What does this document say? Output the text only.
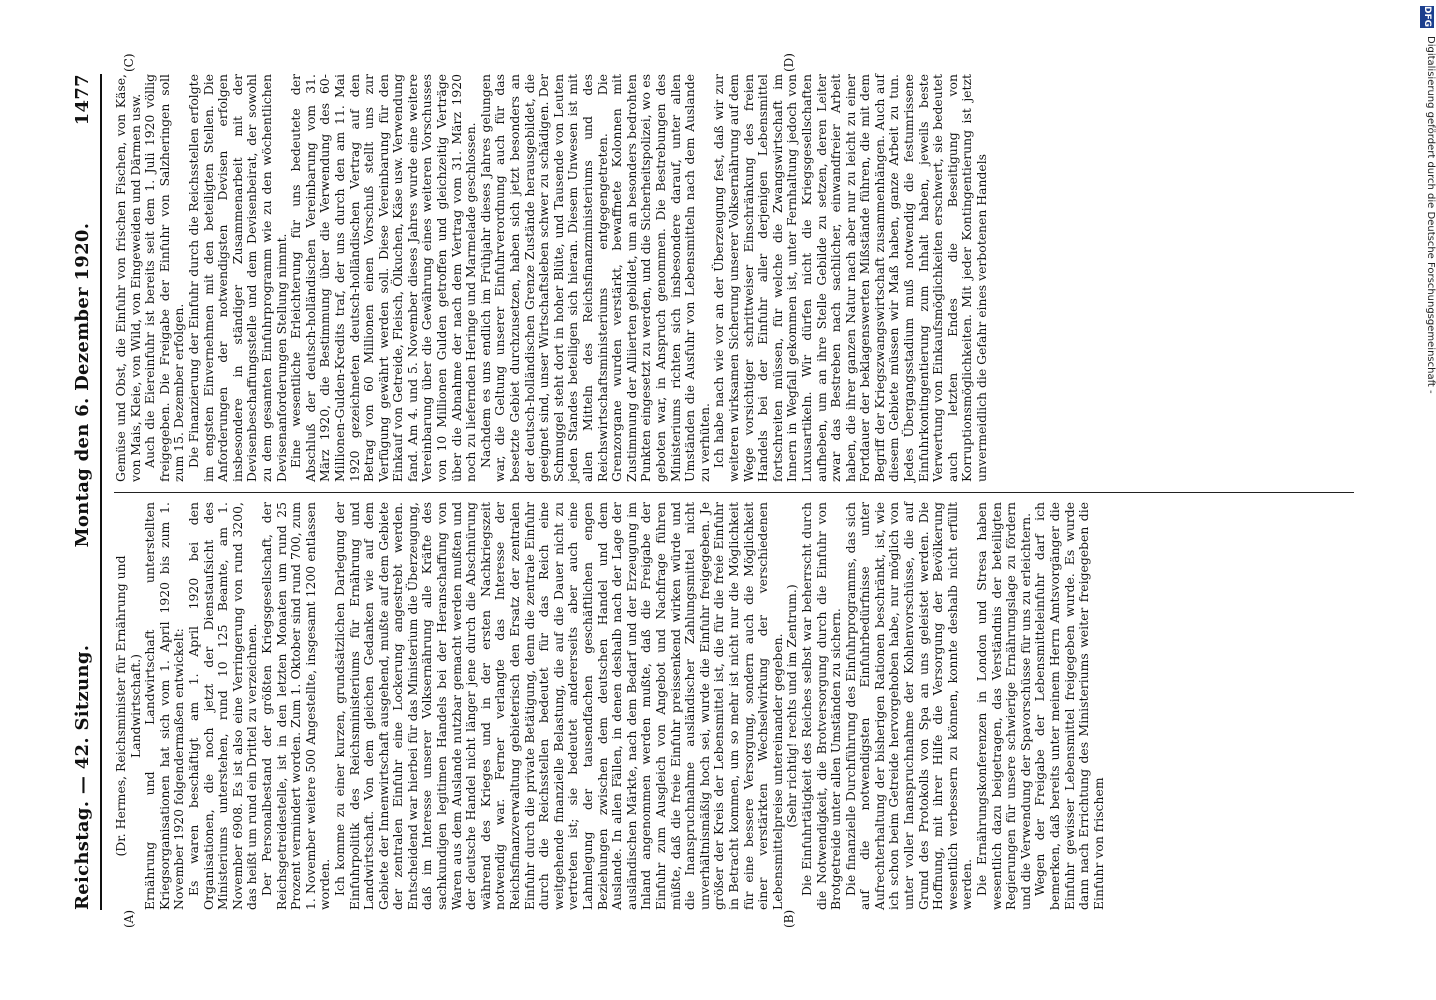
Reichstag. — 42. Sitzung.
Montag den 6. Dezember 1920.
1477
(A)	(B)
(C)	(D)

(Dr. Hermes, Reichsminister für Ernährung und Landwirtschaft.) Ernährung und Landwirtschaft unterstellten Kriegsorganisationen hat sich vom 1. April 1920 bis zum 1. November 1920 folgendermaßen entwickelt: Es waren beschäftigt am 1. April 1920 bei den Organisationen, die noch jetzt der Dienstaufsicht des Ministeriums unterstehen, rund 10 125 Beamte, am 1. November 6908. Es ist also eine Verringerung von rund 3200, das heißt um rund ein Drittel zu verzeichnen. Der Personalbestand der größten Kriegsgesellschaft, der Reichsgetreidestelle, ist in den letzten Monaten um rund 25 Prozent vermindert worden. Zum 1. Oktober sind rund 700, zum 1. November weitere 500 Angestellte, insgesamt 1200 entlassen worden. Ich komme zu einer kurzen, grundsätzlichen Darlegung der Einfuhrpolitik des Reichsministeriums für Ernährung und Landwirtschaft. Von dem gleichen Gedanken wie auf dem Gebiete der Innenwirtschaft ausgehend, mußte auf dem Gebiete der zentralen Einfuhr eine Lockerung angestrebt werden. Entscheidend war hierbei für das Ministerium die Überzeugung, daß im Interesse unserer Volksernährung alle Kräfte des sachkundigen legitimen Handels bei der Heranschaffung von Waren aus dem Auslande nutzbar gemacht werden mußten und der deutsche Handel nicht länger jene durch die Abschnürung während des Krieges und in der ersten Nachkriegszeit notwendig war. Ferner verlangte das Interesse der Reichsfinanzverwaltung gebieterisch den Ersatz der zentralen Einfuhr durch die private Betätigung, denn die zentrale Einfuhr durch die Reichsstellen bedeutet für das Reich eine weitgehende finanzielle Belastung, die auf die Dauer nicht zu vertreten ist; sie bedeutet andererseits aber auch eine Lahmlegung der tausendfachen geschäftlichen engen Beziehungen zwischen dem deutschen Handel und dem Auslande. In allen Fällen, in denen deshalb nach der Lage der ausländischen Märkte, nach dem Bedarf und der Erzeugung im Inland angenommen werden mußte, daß die Freigabe der Einfuhr zum Ausgleich von Angebot und Nachfrage führen müßte, daß die freie Einfuhr preissenkend wirken würde und die Inanspruchnahme ausländischer Zahlungsmittel nicht unverhältnismäßig hoch sei, wurde die Einfuhr freigegeben. Je größer der Kreis der Lebensmittel ist, die für die freie Einfuhr in Betracht kommen, um so mehr ist nicht nur die Möglichkeit für eine bessere Versorgung, sondern auch die Möglichkeit einer verstärkten Wechselwirkung der verschiedenen Lebensmittelpreise untereinander gegeben. (Sehr richtig! rechts und im Zentrum.) Die Einfuhrtätigkeit des Reiches selbst war beherrscht durch die Notwendigkeit, die Brotversorgung durch die Einfuhr von Brotgetreide unter allen Umständen zu sichern. Die finanzielle Durchführung des Einfuhrprogramms, das sich auf die notwendigsten Einfuhrbedürfnisse unter Aufrechterhaltung der bisherigen Rationen beschränkt, ist, wie ich schon beim Getreide hervorgehoben habe, nur möglich von unter voller Inanspruchnahme der Kohlenvorschüsse, die auf Grund des Protokolls von Spa an uns geleistet werden. Die Hoffnung, mit ihrer Hilfe die Versorgung der Bevölkerung wesentlich verbessern zu können, konnte deshalb nicht erfüllt werden. Die Ernährungskonferenzen in London und Stresa haben wesentlich dazu beigetragen, das Verständnis der beteiligten Regierungen für unsere schwierige Ernährungslage zu fördern und die Verwendung der Spavorschüsse für uns zu erleichtern. Wegen der Freigabe der Lebensmitteleinfuhr darf ich bemerken, daß bereits unter meinem Herrn Amtsvorgänger die Einfuhr gewisser Lebensmittel freigegeben wurde. Es wurde dann nach Errichtung des Ministeriums weiter freigegeben die Einfuhr von frischem

Gemüse und Obst, die Einfuhr von frischen Fischen, von Käse, von Mais, Kleie, von Wild, von Eingeweiden und Därmen usw. Auch die Eiereinfuhr ist bereits seit dem 1. Juli 1920 völlig freigegeben. Die Freigabe der Einfuhr von Salzheringen soll zum 15. Dezember erfolgen. Die Finanzierung der Einfuhr durch die Reichsstellen erfolgte im engsten Einvernehmen mit den beteiligten Stellen. Die Anforderungen der notwendigsten Devisen erfolgen insbesondere in ständiger Zusammenarbeit mit der Devisenbeschaffungsstelle und dem Devisenbeirat, der sowohl zu dem gesamten Einfuhrprogramm wie zu den wöchentlichen Devisenanforderungen Stellung nimmt. Eine wesentliche Erleichterung für uns bedeutete der Abschluß der deutsch-holländischen Vereinbarung vom 31. März 1920, die Bestimmung über die Verwendung des 60-Millionen-Gulden-Kredits traf, der uns durch den am 11. Mai 1920 gezeichneten deutsch-holländischen Vertrag auf den Betrag von 60 Millionen einen Vorschuß stellt uns zur Verfügung gewährt werden soll. Diese Vereinbarung für den Einkauf von Getreide, Fleisch, Ölkuchen, Käse usw. Verwendung fand. Am 4. und 5. November dieses Jahres wurde eine weitere Vereinbarung über die Gewährung eines weiteren Vorschusses von 10 Millionen Gulden getroffen und gleichzeitig Verträge über die Abnahme der nach dem Vertrag vom 31. März 1920 noch zu liefernden Heringe und Marmelade geschlossen. Nachdem es uns endlich im Frühjahr dieses Jahres gelungen war, die Geltung unserer Einfuhrverordnung auch für das besetzte Gebiet durchzusetzen, haben sich jetzt besonders an der deutsch-holländischen Grenze Zustände herausgebildet, die geeignet sind, unser Wirtschaftsleben schwer zu schädigen. Der Schmuggel steht dort in hoher Blüte, und Tausende von Leuten jeden Standes beteiligen sich hieran. Diesem Unwesen ist mit allen Mitteln des Reichsfinanzministeriums und des Reichswirtschaftsministeriums entgegengetreten. Die Grenzorgane wurden verstärkt, bewaffnete Kolonnen mit Zustimmung der Alliierten gebildet, um an besonders bedrohten Punkten eingesetzt zu werden, und die Sicherheitspolizei, wo es geboten war, in Anspruch genommen. Die Bestrebungen des Ministeriums richten sich insbesondere darauf, unter allen Umständen die Ausfuhr von Lebensmitteln nach dem Auslande zu verhüten. Ich habe nach wie vor an der Überzeugung fest, daß wir zur weiteren wirksamen Sicherung unserer Volksernährung auf dem Wege vorsichtiger schrittweiser Einschränkung des freien Handels bei der Einfuhr aller derjenigen Lebensmittel fortschreiten müssen, für welche die Zwangswirtschaft im Innern in Wegfall gekommen ist, unter Fernhaltung jedoch von Luxusartikeln. Wir dürfen nicht die Kriegsgesellschaften aufheben, um an ihre Stelle Gebilde zu setzen, deren Leiter zwar das Bestreben nach sachlicher, einwandfreier Arbeit haben, die ihrer ganzen Natur nach aber nur zu leicht zu einer Fortdauer der beklagenswerten Mißstände führen, die mit dem Begriff der Kriegszwangswirtschaft zusammenhängen. Auch auf diesem Gebiete müssen wir Maß haben, ganze Arbeit zu tun. Jedes Übergangsstadium muß notwendig die festumrissene Einfuhrkontingentierung zum Inhalt haben, jeweils beste Verwertung von Einkaufsmöglichkeiten erschwert, sie bedeutet auch letzten Endes die Beseitigung von Korruptionsmöglichkeiten. Mit jeder Kontingentierung ist jetzt unvermeidlich die Gefahr eines verbotenen Handels

DFG
Digitalisierung gefördert durch die Deutsche Forschungsgemeinschaft -
